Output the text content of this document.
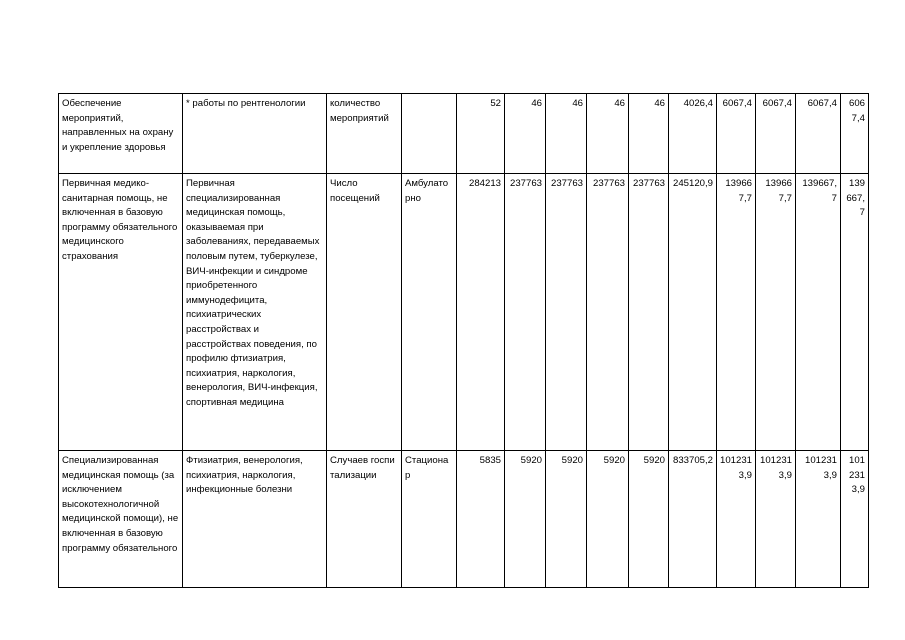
Обеспечение мероприятий, направленных на охрану и укрепление здоровья	* работы по рентгенологии	количество мероприятий		52	46	46	46	46	4026,4	6067,4	6067,4	6067,4	6067,4
Первичная медико-санитарная помощь, не включенная в базовую программу обязательного медицинского страхования	Первичная специализированная медицинская помощь, оказываемая при заболеваниях, передаваемых половым путем, туберкулезе, ВИЧ-инфекции и синдроме приобретенного иммунодефицита, психиатрических расстройствах и расстройствах поведения, по профилю фтизиатрия, психиатрия, наркология, венерология, ВИЧ-инфекция, спортивная медицина	Число посещений	Амбулаторно	284213	237763	237763	237763	237763	245120,9	139667,7	139667,7	139667,7	139667,7
Специализированная медицинская помощь (за исключением высокотехнологичной медицинской помощи), не включенная в базовую программу обязательного	Фтизиатрия, венерология, психиатрия, наркология, инфекционные болезни	Случаев госпитализации	Стационар	5835	5920	5920	5920	5920	833705,2	1012313,9	1012313,9	1012313,9	1012313,9
